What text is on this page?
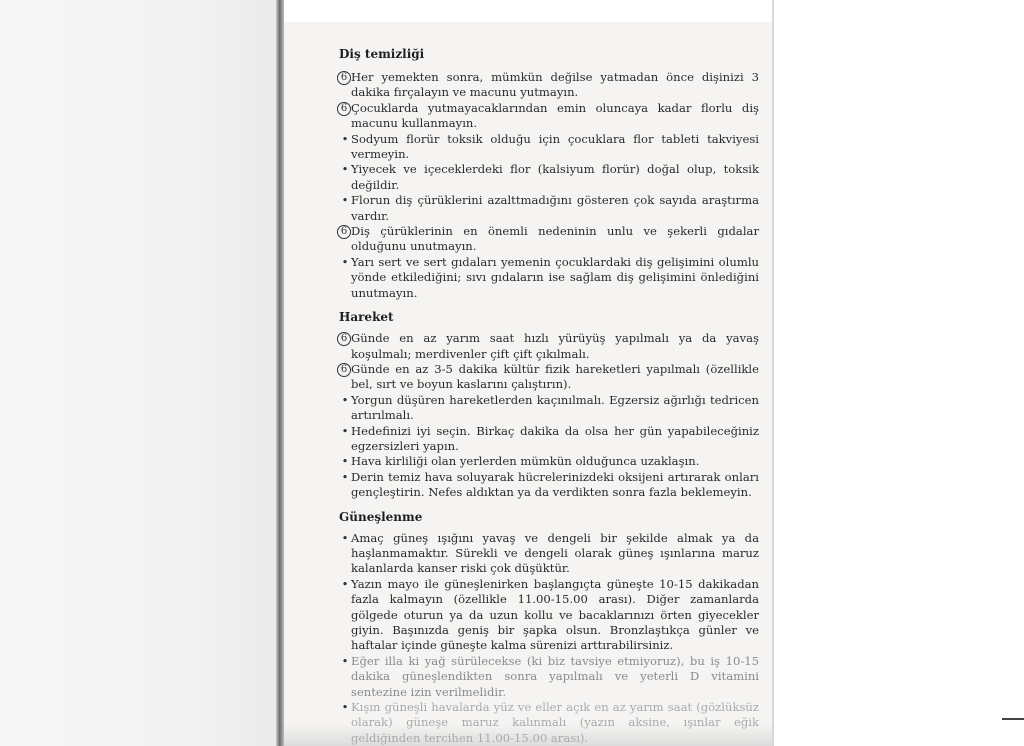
Diş temizliği
6 Her yemekten sonra, mümkün değilse yatmadan önce dişinizi 3 dakika fırçalayın ve macunu yutmayın.
6 Çocuklarda yutmayacaklarından emin oluncaya kadar florlu diş macunu kullanmayın.
• Sodyum florür toksik olduğu için çocuklara flor tableti takviyesi vermeyin.
• Yiyecek ve içeceklerdeki flor (kalsiyum florür) doğal olup, toksik değildir.
• Florun diş çürüklerini azalttmadığını gösteren çok sayıda araştırma vardır.
6 Diş çürüklerinin en önemli nedeninin unlu ve şekerli gıdalar olduğunu unutmayın.
• Yarı sert ve sert gıdaları yemenin çocuklardaki diş gelişimini olumlu yönde etkilediğini; sıvı gıdaların ise sağlam diş gelişimini önlediğini unutmayın.
Hareket
6 Günde en az yarım saat hızlı yürüyüş yapılmalı ya da yavaş koşulmalı; merdivenler çift çift çıkılmalı.
6 Günde en az 3-5 dakika kültür fizik hareketleri yapılmalı (özellikle bel, sırt ve boyun kaslarını çalıştırın).
• Yorgun düşüren hareketlerden kaçınılmalı. Egzersiz ağırlığı tedricen artırılmalı.
• Hedefinizi iyi seçin. Birkaç dakika da olsa her gün yapabileceğiniz egzersizleri yapın.
• Hava kirliliği olan yerlerden mümkün olduğunca uzaklaşın.
• Derin temiz hava soluyarak hücrelerinizdeki oksijeni artırarak onları gençleştirin. Nefes aldıktan ya da verdikten sonra fazla beklemeyin.
Güneşlenme
• Amaç güneş ışığını yavaş ve dengeli bir şekilde almak ya da haşlanmamaktır. Sürekli ve dengeli olarak güneş ışınlarına maruz kalanlarda kanser riski çok düşüktür.
• Yazın mayo ile güneşlenirken başlangıçta güneşte 10-15 dakikadan fazla kalmayın (özellikle 11.00-15.00 arası). Diğer zamanlarda gölgede oturun ya da uzun kollu ve bacaklarınızı örten giyecekler giyin. Başınızda geniş bir şapka olsun. Bronzlaştıkça günler ve haftalar içinde güneşte kalma sürenizi arttırabilirsiniz.
• Eğer illa ki yağ sürülecekse (ki biz tavsiye etmiyoruz), bu iş 10-15 dakika güneşlendikten sonra yapılmalı ve yeterli D vitamini sentezine izin verilmelidir.
• Kışın güneşli havalarda yüz ve eller açık en az yarım saat (gözlüksüz olarak) güneşe maruz kalınmalı (yazın aksine, ışınlar eğik geldiğinden tercihen 11.00-15.00 arası).
